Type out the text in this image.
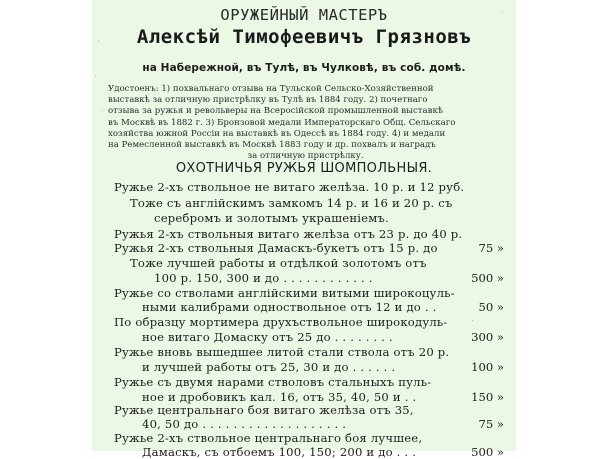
ОРУЖЕЙНЫЙ МАСТЕРЪ
Алексѣй Тимофеевичъ Грязновъ
на Набережной, въ Тулѣ, въ Чулковѣ, въ соб. домѣ.
Удостоенъ: 1) похвальнаго отзыва на Тульской Сельско-Хозяйственной
выставкѣ за отличную пристрѣлку въ Тулѣ въ 1884 году. 2) почетнаго
отзыва за ружья и револьверы на Всеросійской промышленной выставкѣ
въ Москвѣ въ 1882 г. 3) Бронзовой медали Императорскаго Общ. Сельскаго
хозяйства южной Россіи на выставкѣ въ Одессѣ въ 1884 году. 4) и медали
на Ремесленной выставкѣ въ Москвѣ 1883 году и др. похвалъ и наградъ
за отличную пристрѣлку.
ОХОТНИЧЬЯ РУЖЬЯ ШОМПОЛЬНЫЯ.
Ружье 2-хъ ствольное не витаго желѣза. 10 р. и 12 руб.
Тоже съ англійскимъ замкомъ 14 р. и 16 и 20 р. съ
серебромъ и золотымъ украшеніемъ.
Ружья 2-хъ ствольныя витаго желѣза отъ 23 р. до 40 р.
Ружья 2-хъ ствольныя Дамаскъ-букетъ отъ 15 р. до	75 »
Тоже лучшей работы и отдѣлкой золотомъ отъ
100 р. 150, 300 и до . . . . . . . . . . . .	500 »
Ружье со стволами англійскими витыми широкоцуль-
ными калибрами одноствольное отъ 12 и до . .	50 »
По образцу мортимера друхъствольное широкодуль-
ное витаго Домаску отъ 25 до . . . . . . . .	300 »
Ружье вновь вышедшее литой стали ствола отъ 20 р.
и лучшей работы отъ 25, 30 и до . . . . . .	100 »
Ружье съ двумя нарами стволовъ стальныхъ пуль-
ное и дробовикъ кал. 16, отъ 35, 40, 50 и . .	150 »
Ружье центральнаго боя витаго желѣза отъ 35,
40, 50 до . . . . . . . . . . . . . . . . . . .	75 »
Ружье 2-хъ ствольное центральнаго боя лучшее,
Дамаскъ, съ отбоемъ 100, 150; 200 и до . . .	500 »
